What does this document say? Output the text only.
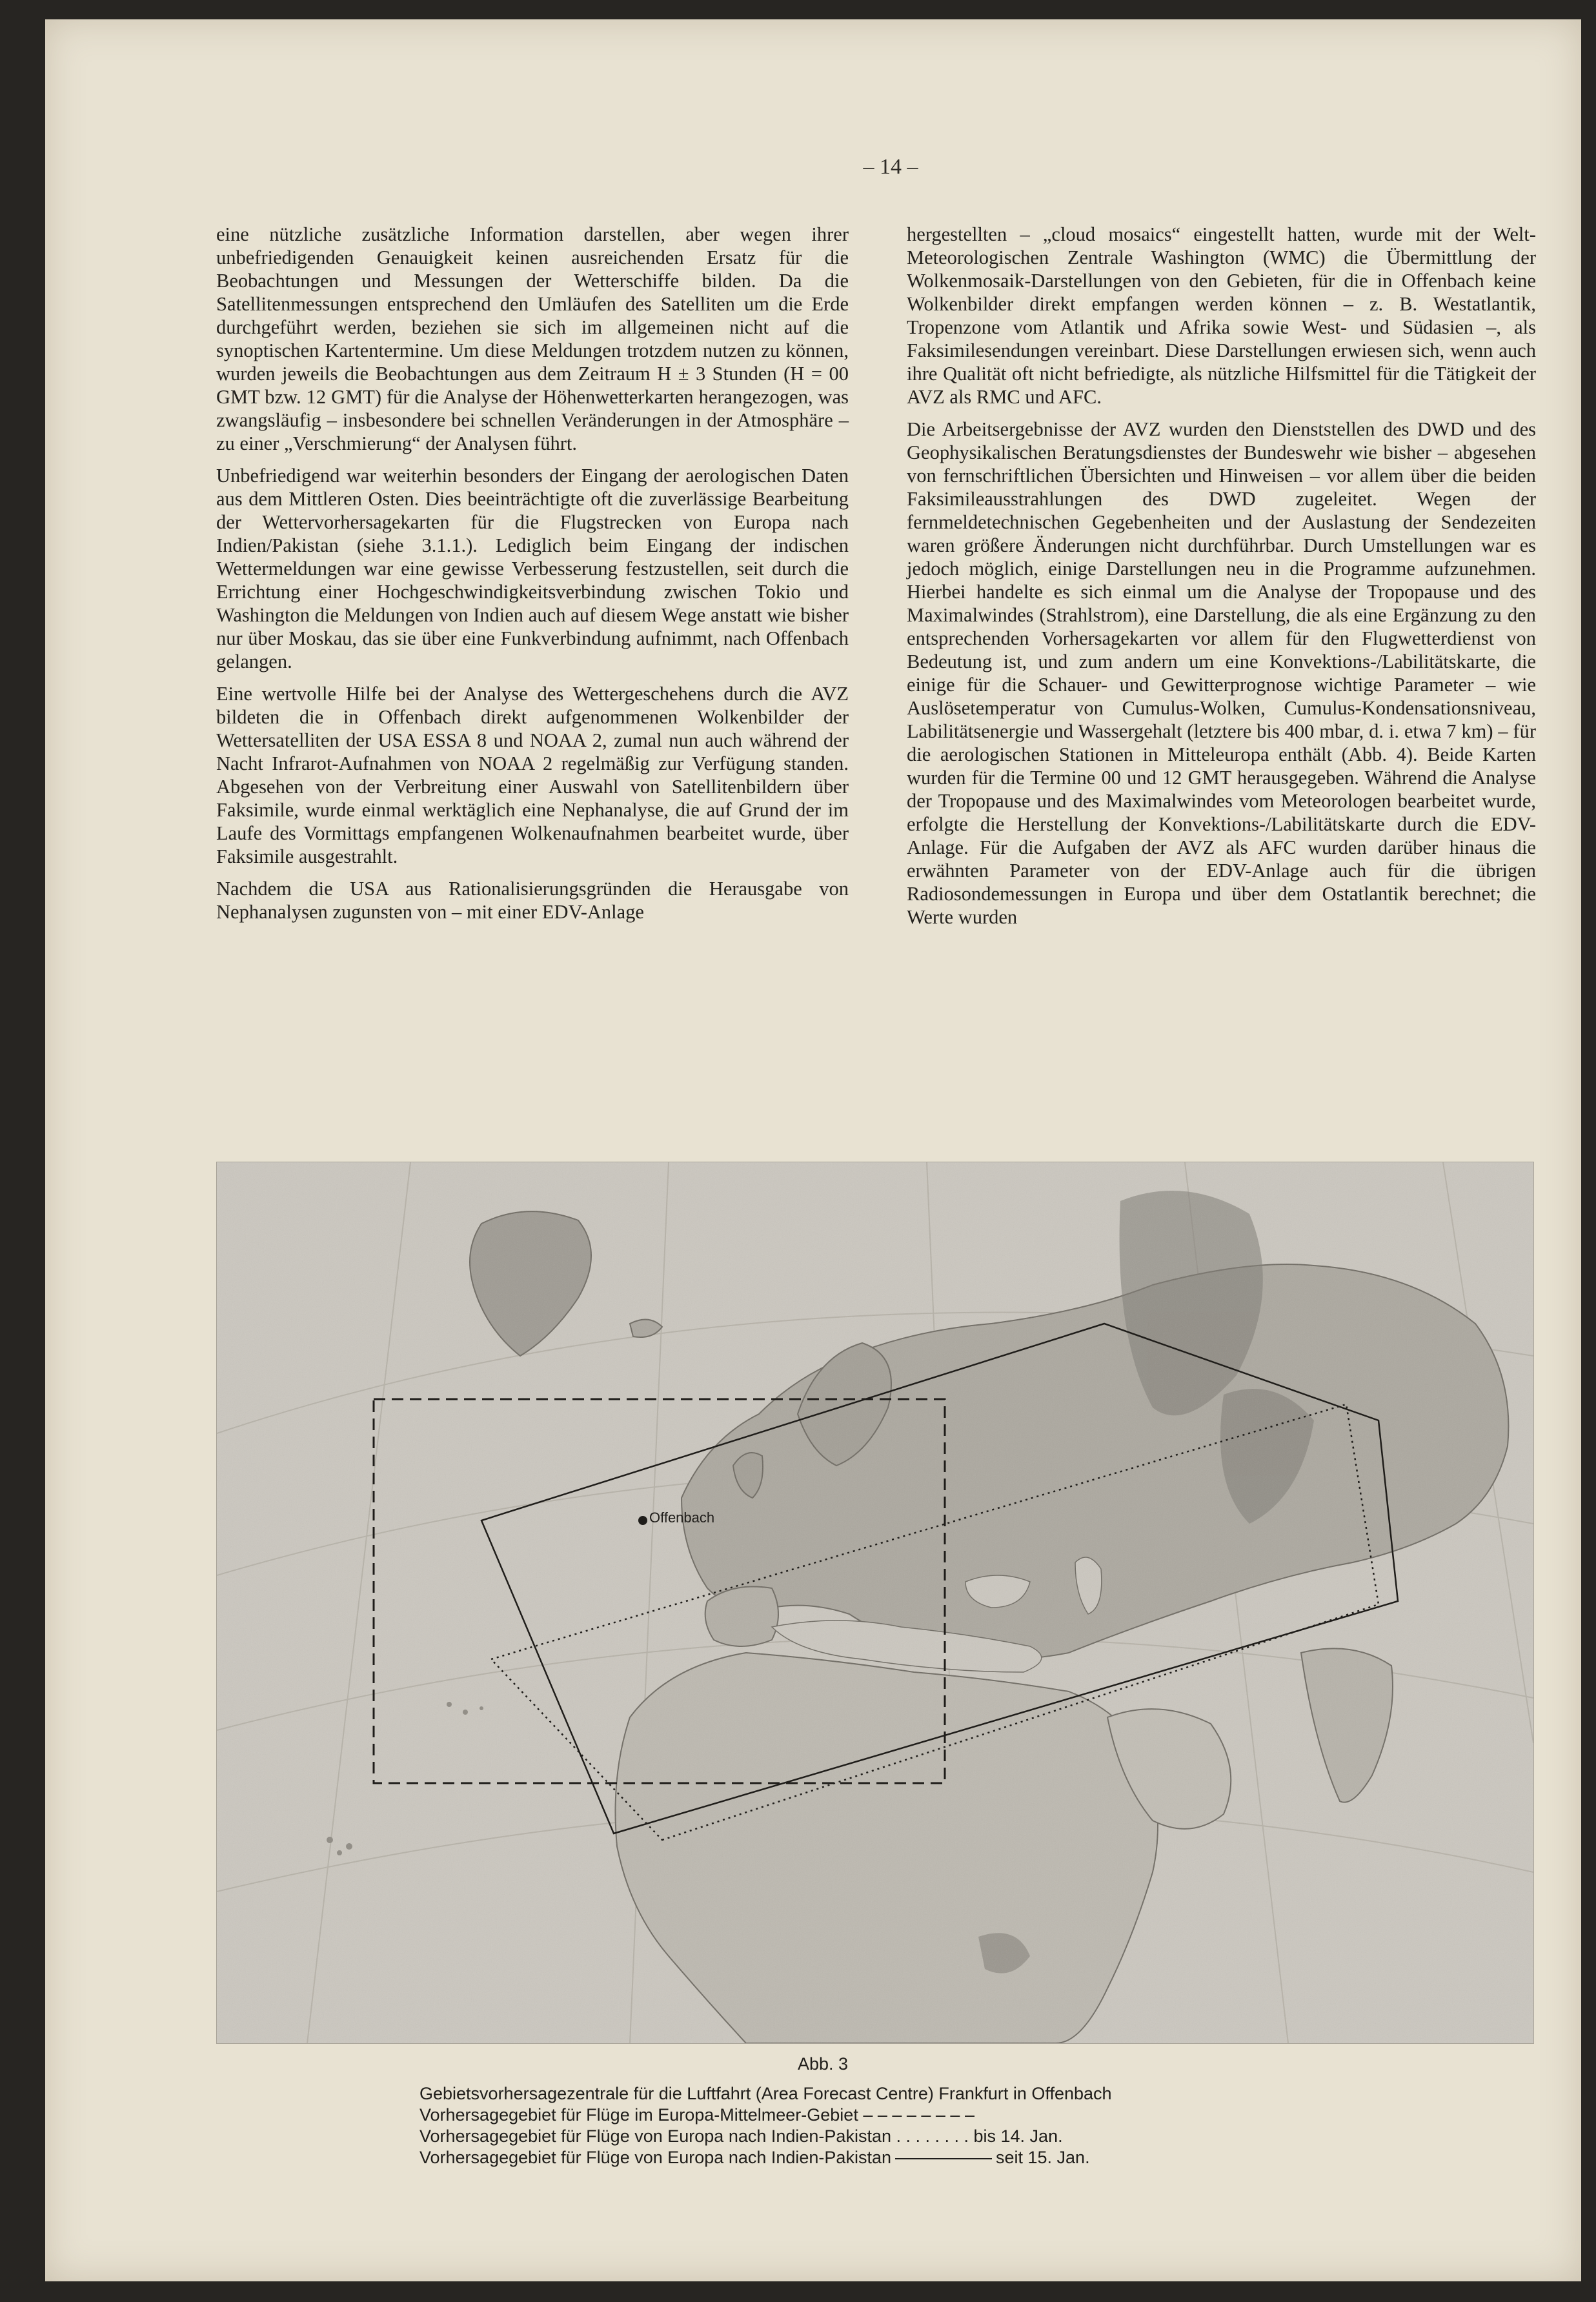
– 14 –

eine nützliche zusätzliche Information darstellen, aber wegen ihrer unbefriedigenden Genauigkeit keinen ausreichenden Ersatz für die Beobachtungen und Messungen der Wetterschiffe bilden. Da die Satellitenmessungen entsprechend den Umläufen des Satelliten um die Erde durchgeführt werden, beziehen sie sich im allgemeinen nicht auf die synoptischen Kartentermine. Um diese Meldungen trotzdem nutzen zu können, wurden jeweils die Beobachtungen aus dem Zeitraum H ± 3 Stunden (H = 00 GMT bzw. 12 GMT) für die Analyse der Höhenwetterkarten herangezogen, was zwangsläufig – insbesondere bei schnellen Veränderungen in der Atmosphäre – zu einer „Verschmierung“ der Analysen führt.

Unbefriedigend war weiterhin besonders der Eingang der aerologischen Daten aus dem Mittleren Osten. Dies beeinträchtigte oft die zuverlässige Bearbeitung der Wettervorhersagekarten für die Flugstrecken von Europa nach Indien/Pakistan (siehe 3.1.1.). Lediglich beim Eingang der indischen Wettermeldungen war eine gewisse Verbesserung festzustellen, seit durch die Errichtung einer Hochgeschwindigkeitsverbindung zwischen Tokio und Washington die Meldungen von Indien auch auf diesem Wege anstatt wie bisher nur über Moskau, das sie über eine Funkverbindung aufnimmt, nach Offenbach gelangen.

Eine wertvolle Hilfe bei der Analyse des Wettergeschehens durch die AVZ bildeten die in Offenbach direkt aufgenommenen Wolkenbilder der Wettersatelliten der USA ESSA 8 und NOAA 2, zumal nun auch während der Nacht Infrarot-Aufnahmen von NOAA 2 regelmäßig zur Verfügung standen. Abgesehen von der Verbreitung einer Auswahl von Satellitenbildern über Faksimile, wurde einmal werktäglich eine Nephanalyse, die auf Grund der im Laufe des Vormittags empfangenen Wolkenaufnahmen bearbeitet wurde, über Faksimile ausgestrahlt.

Nachdem die USA aus Rationalisierungsgründen die Herausgabe von Nephanalysen zugunsten von – mit einer EDV-Anlage

hergestellten – „cloud mosaics“ eingestellt hatten, wurde mit der Welt-Meteorologischen Zentrale Washington (WMC) die Übermittlung der Wolkenmosaik-Darstellungen von den Gebieten, für die in Offenbach keine Wolkenbilder direkt empfangen werden können – z. B. Westatlantik, Tropenzone vom Atlantik und Afrika sowie West- und Südasien –, als Faksimilesendungen vereinbart. Diese Darstellungen erwiesen sich, wenn auch ihre Qualität oft nicht befriedigte, als nützliche Hilfsmittel für die Tätigkeit der AVZ als RMC und AFC.

Die Arbeitsergebnisse der AVZ wurden den Dienststellen des DWD und des Geophysikalischen Beratungsdienstes der Bundeswehr wie bisher – abgesehen von fernschriftlichen Übersichten und Hinweisen – vor allem über die beiden Faksimileausstrahlungen des DWD zugeleitet. Wegen der fernmeldetechnischen Gegebenheiten und der Auslastung der Sendezeiten waren größere Änderungen nicht durchführbar. Durch Umstellungen war es jedoch möglich, einige Darstellungen neu in die Programme aufzunehmen. Hierbei handelte es sich einmal um die Analyse der Tropopause und des Maximalwindes (Strahlstrom), eine Darstellung, die als eine Ergänzung zu den entsprechenden Vorhersagekarten vor allem für den Flugwetterdienst von Bedeutung ist, und zum andern um eine Konvektions-/Labilitätskarte, die einige für die Schauer- und Gewitterprognose wichtige Parameter – wie Auslösetemperatur von Cumulus-Wolken, Cumulus-Kondensationsniveau, Labilitätsenergie und Wassergehalt (letztere bis 400 mbar, d. i. etwa 7 km) – für die aerologischen Stationen in Mitteleuropa enthält (Abb. 4). Beide Karten wurden für die Termine 00 und 12 GMT herausgegeben. Während die Analyse der Tropopause und des Maximalwindes vom Meteorologen bearbeitet wurde, erfolgte die Herstellung der Konvektions-/Labilitätskarte durch die EDV-Anlage. Für die Aufgaben der AVZ als AFC wurden darüber hinaus die erwähnten Parameter von der EDV-Anlage auch für die übrigen Radiosondemessungen in Europa und über dem Ostatlantik berechnet; die Werte wurden

Offenbach
Abb. 3
Gebietsvorhersagezentrale für die Luftfahrt (Area Forecast Centre) Frankfurt in Offenbach
Vorhersagegebiet für Flüge im Europa-Mittelmeer-Gebiet – – – – – – – –
Vorhersagegebiet für Flüge von Europa nach Indien-Pakistan . . . . . . . . bis 14. Jan.
Vorhersagegebiet für Flüge von Europa nach Indien-Pakistan	seit 15. Jan.
